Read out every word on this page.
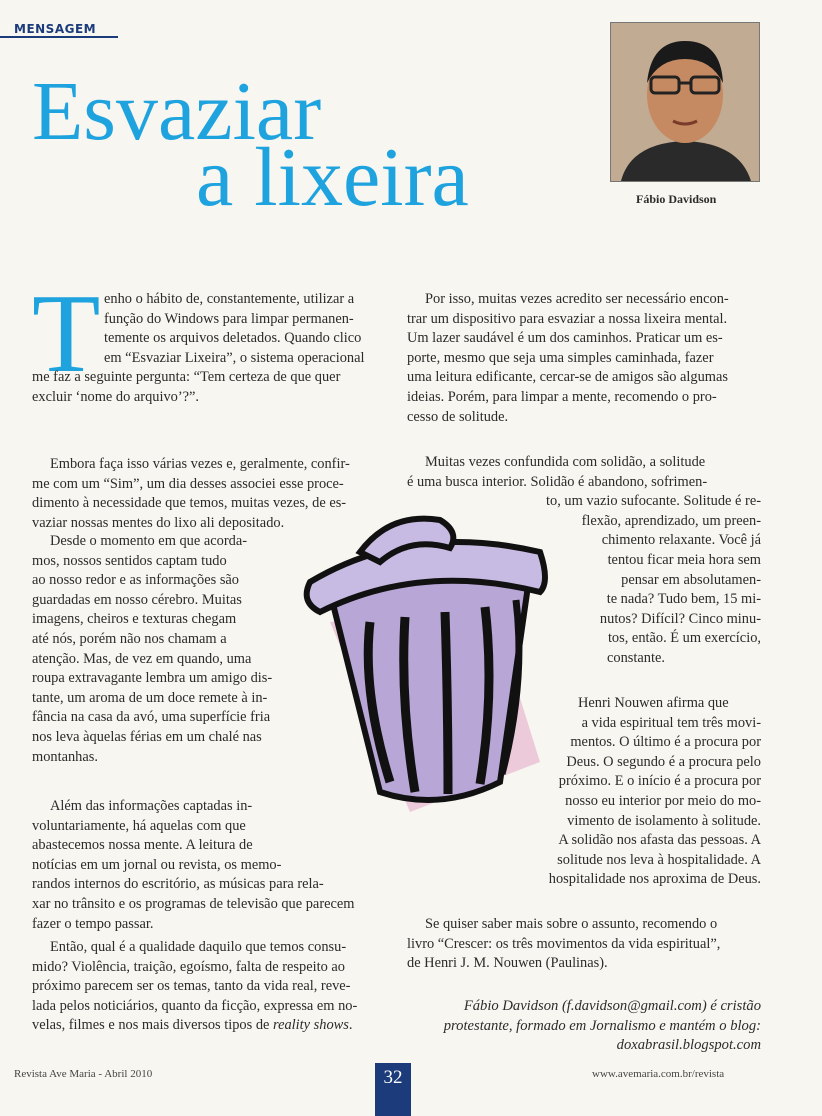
MENSAGEM
Esvaziar
a lixeira	Fábio Davidson
T enho o hábito de, constantemente, utilizar a
função do Windows para limpar permanen-
temente os arquivos deletados. Quando clico
em “Esvaziar Lixeira”, o sistema operacional
me faz a seguinte pergunta: “Tem certeza de que quer
excluir ‘nome do arquivo’?”.
Embora faça isso várias vezes e, geralmente, confir-
me com um “Sim”, um dia desses associei esse proce-
dimento à necessidade que temos, muitas vezes, de es-
vaziar nossas mentes do lixo ali depositado.
Desde o momento em que acorda-
mos, nossos sentidos captam tudo
ao nosso redor e as informações são
guardadas em nosso cérebro. Muitas
imagens, cheiros e texturas chegam
até nós, porém não nos chamam a
atenção. Mas, de vez em quando, uma
roupa extravagante lembra um amigo dis-
tante, um aroma de um doce remete à in-
fância na casa da avó, uma superfície fria
nos leva àquelas férias em um chalé nas
montanhas.
Além das informações captadas in-
voluntariamente, há aquelas com que
abastecemos nossa mente. A leitura de
notícias em um jornal ou revista, os memo-
randos internos do escritório, as músicas para rela-
xar no trânsito e os programas de televisão que parecem
fazer o tempo passar.
Então, qual é a qualidade daquilo que temos consu-
mido? Violência, traição, egoísmo, falta de respeito ao
próximo parecem ser os temas, tanto da vida real, reve-
lada pelos noticiários, quanto da ficção, expressa em no-
velas, filmes e nos mais diversos tipos de reality shows.
Por isso, muitas vezes acredito ser necessário encon-
trar um dispositivo para esvaziar a nossa lixeira mental.
Um lazer saudável é um dos caminhos. Praticar um es-
porte, mesmo que seja uma simples caminhada, fazer
uma leitura edificante, cercar-se de amigos são algumas
ideias. Porém, para limpar a mente, recomendo o pro-
cesso de solitude.
Muitas vezes confundida com solidão, a solitude
é uma busca interior. Solidão é abandono, sofrimen-
to, um vazio sufocante. Solitude é re-
flexão, aprendizado, um preen-
chimento relaxante. Você já
tentou ficar meia hora sem
pensar em absolutamen-
te nada? Tudo bem, 15 mi-
nutos? Difícil? Cinco minu-
tos, então. É um exercício,
constante.
Henri Nouwen afirma que
a vida espiritual tem três movi-
mentos. O último é a procura por
Deus. O segundo é a procura pelo
próximo. E o início é a procura por
nosso eu interior por meio do mo-
vimento de isolamento à solitude.
A solidão nos afasta das pessoas. A
solitude nos leva à hospitalidade. A
hospitalidade nos aproxima de Deus.
Se quiser saber mais sobre o assunto, recomendo o
livro “Crescer: os três movimentos da vida espiritual”,
de Henri J. M. Nouwen (Paulinas).
Fábio Davidson (f.davidson@gmail.com) é cristão
protestante, formado em Jornalismo e mantém o blog:
doxabrasil.blogspot.com
Revista Ave Maria - Abril 2010	32	www.avemaria.com.br/revista
